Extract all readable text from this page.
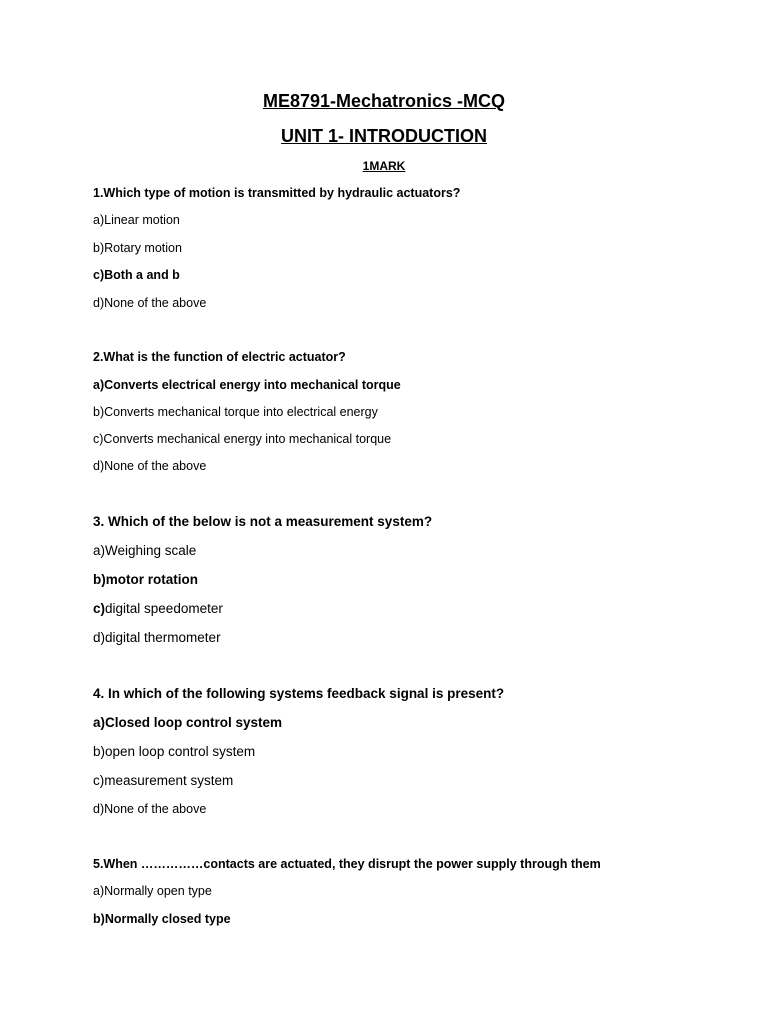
ME8791-Mechatronics -MCQ
UNIT 1- INTRODUCTION
1MARK
1.Which type of motion is transmitted by hydraulic actuators?
a)Linear motion
b)Rotary motion
c)Both a and b
d)None of the above
2.What is the function of electric actuator?
a)Converts electrical energy into mechanical torque
b)Converts mechanical torque into electrical energy
c)Converts mechanical energy into mechanical torque
d)None of the above
3. Which of the below is not a measurement system?
a)Weighing scale
b)motor rotation
c)digital speedometer
d)digital thermometer
4. In which of the following systems feedback signal is present?
a)Closed loop control system
b)open loop control system
c)measurement system
d)None of the above
5.When ……………contacts are actuated, they disrupt the power supply through them
a)Normally open type
b)Normally closed type
